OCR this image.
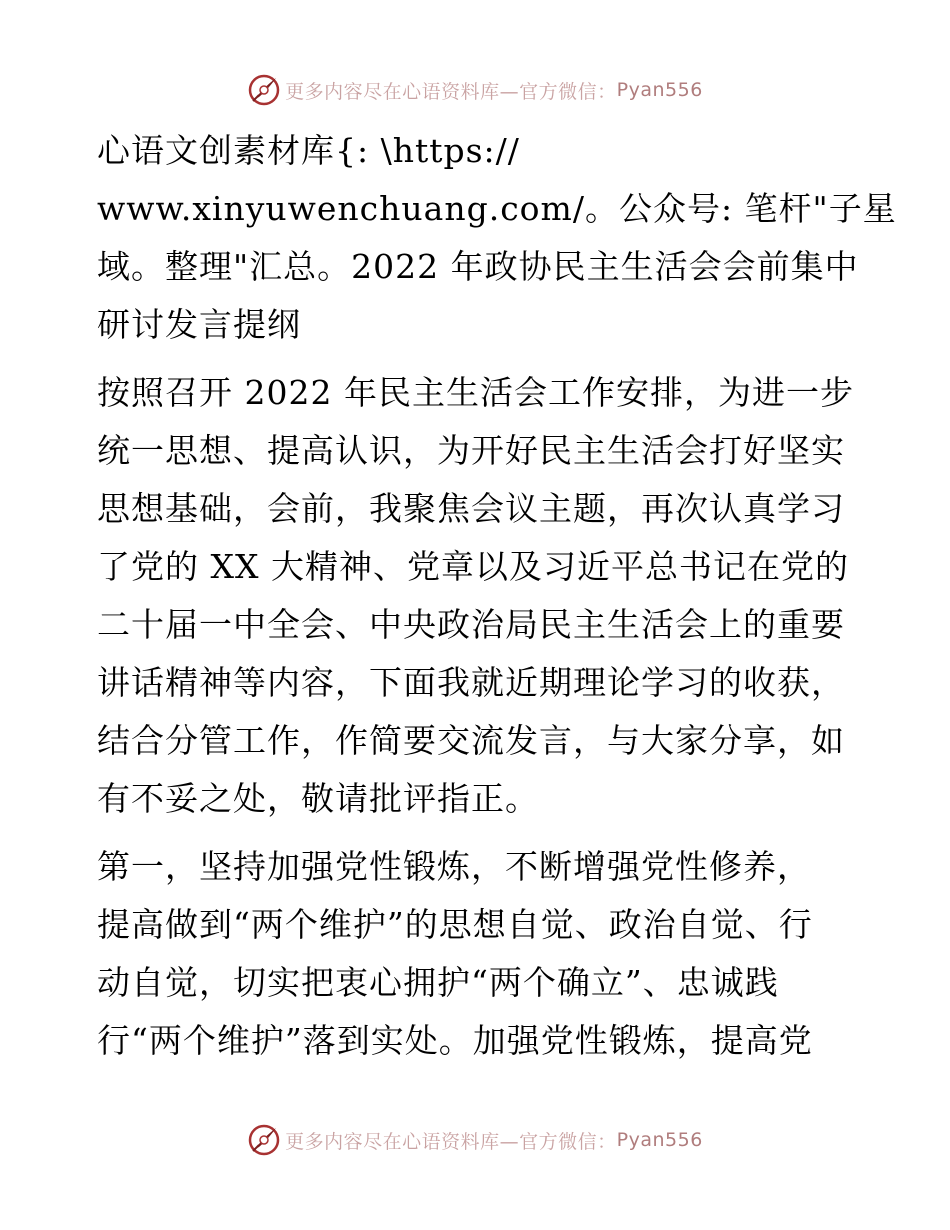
更多内容尽在心语资料库—官方微信： Pyan556

心语文创素材库{: \https://
www.xinyuwenchuang.com/。公众号: 笔杆"子星
域。整理"汇总。2022 年政协民主生活会会前集中
研讨发言提纲

按照召开 2022 年民主生活会工作安排，为进一步
统一思想、提高认识，为开好民主生活会打好坚实
思想基础，会前，我聚焦会议主题，再次认真学习
了党的 XX 大精神、党章以及习近平总书记在党的
二十届一中全会、中央政治局民主生活会上的重要
讲话精神等内容，下面我就近期理论学习的收获，
结合分管工作，作简要交流发言，与大家分享，如
有不妥之处，敬请批评指正。

第一，坚持加强党性锻炼，不断增强党性修养，
提高做到“两个维护”的思想自觉、政治自觉、行
动自觉，切实把衷心拥护“两个确立”、忠诚践
行“两个维护”落到实处。加强党性锻炼，提高党

更多内容尽在心语资料库—官方微信： Pyan556
